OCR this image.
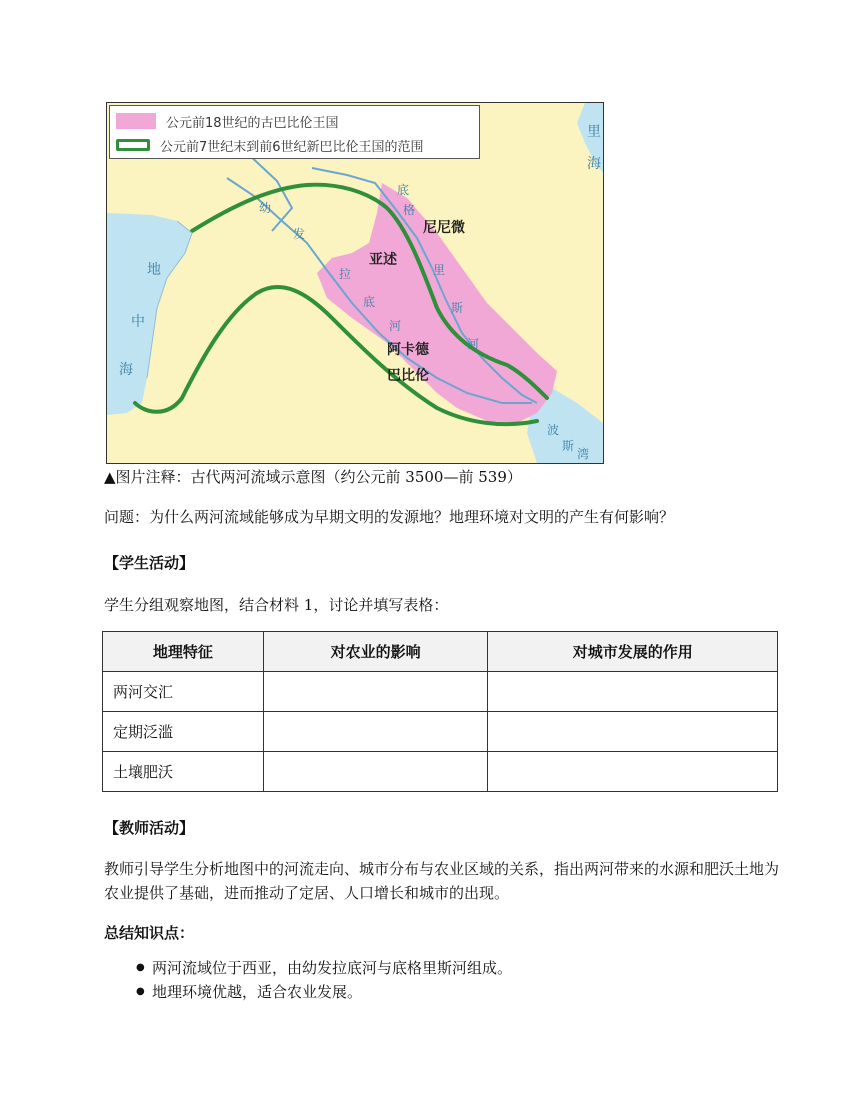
公元前18世纪的古巴比伦王国
公元前7世纪末到前6世纪新巴比伦王国的范围
尼尼微
亚述
阿卡德
巴比伦
幼
发
拉
底
河
底
格
里
斯
河
地
中
海
里
海
波
斯
湾
▲图片注释：古代两河流域示意图（约公元前 3500—前 539）
问题：为什么两河流域能够成为早期文明的发源地？地理环境对文明的产生有何影响？
【学生活动】
学生分组观察地图，结合材料 1，讨论并填写表格：
地理特征	对农业的影响	对城市发展的作用
两河交汇		
定期泛滥		
土壤肥沃		
【教师活动】
教师引导学生分析地图中的河流走向、城市分布与农业区域的关系，指出两河带来的水源和肥沃土地为农业提供了基础，进而推动了定居、人口增长和城市的出现。
总结知识点：
● 两河流域位于西亚，由幼发拉底河与底格里斯河组成。
● 地理环境优越，适合农业发展。
